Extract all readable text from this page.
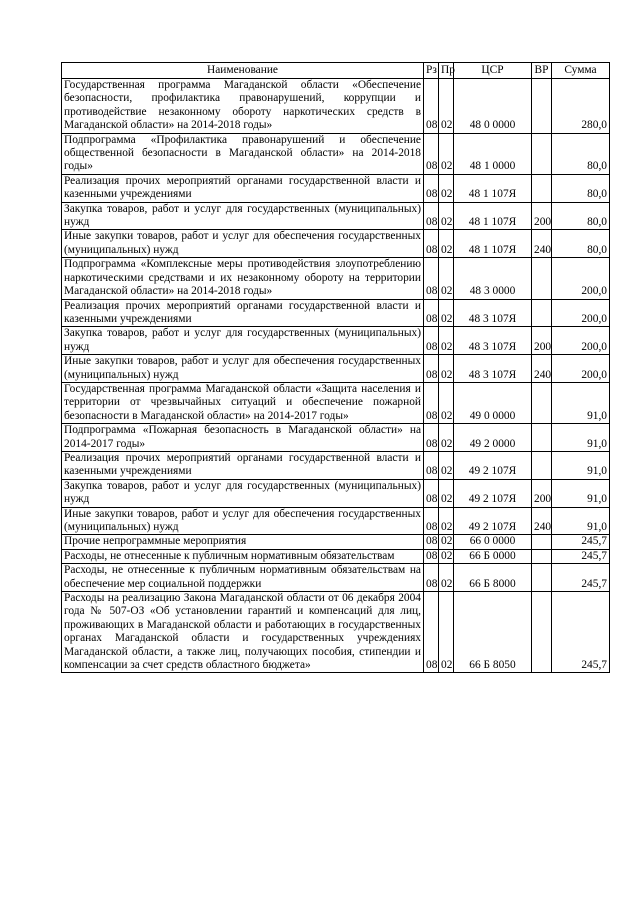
Наименование	Рз	Пр	ЦСР	ВР	Сумма
Государственная программа Магаданской области «Обеспечение безопасности, профилактика правонарушений, коррупции и противодействие незаконному обороту наркотических средств в Магаданской области» на 2014-2018 годы»	08	02	48 0 0000		280,0
Подпрограмма «Профилактика правонарушений и обеспечение общественной безопасности в Магаданской области» на 2014-2018 годы»	08	02	48 1 0000		80,0
Реализация прочих мероприятий органами государственной власти и казенными учреждениями	08	02	48 1 107Я		80,0
Закупка товаров, работ и услуг для государственных (муниципальных) нужд	08	02	48 1 107Я	200	80,0
Иные закупки товаров, работ и услуг для обеспечения государственных (муниципальных) нужд	08	02	48 1 107Я	240	80,0
Подпрограмма «Комплексные меры противодействия злоупотреблению наркотическими средствами и их незаконному обороту на территории Магаданской области» на 2014-2018 годы»	08	02	48 3 0000		200,0
Реализация прочих мероприятий органами государственной власти и казенными учреждениями	08	02	48 3 107Я		200,0
Закупка товаров, работ и услуг для государственных (муниципальных) нужд	08	02	48 3 107Я	200	200,0
Иные закупки товаров, работ и услуг для обеспечения государственных (муниципальных) нужд	08	02	48 3 107Я	240	200,0
Государственная программа Магаданской области «Защита населения и территории от чрезвычайных ситуаций и обеспечение пожарной безопасности в Магаданской области» на 2014-2017 годы»	08	02	49 0 0000		91,0
Подпрограмма «Пожарная безопасность в Магаданской области» на 2014-2017 годы»	08	02	49 2 0000		91,0
Реализация прочих мероприятий органами государственной власти и казенными учреждениями	08	02	49 2 107Я		91,0
Закупка товаров, работ и услуг для государственных (муниципальных) нужд	08	02	49 2 107Я	200	91,0
Иные закупки товаров, работ и услуг для обеспечения государственных (муниципальных) нужд	08	02	49 2 107Я	240	91,0
Прочие непрограммные мероприятия	08	02	66 0 0000		245,7
Расходы, не отнесенные к публичным нормативным обязательствам	08	02	66 Б 0000		245,7
Расходы, не отнесенные к публичным нормативным обязательствам на обеспечение мер социальной поддержки	08	02	66 Б 8000		245,7
Расходы на реализацию Закона Магаданской области от 06 декабря 2004 года № 507-ОЗ «Об установлении гарантий и компенсаций для лиц, проживающих в Магаданской области и работающих в государственных органах Магаданской области и государственных учреждениях Магаданской области, а также лиц, получающих пособия, стипендии и компенсации за счет средств областного бюджета»	08	02	66 Б 8050		245,7
